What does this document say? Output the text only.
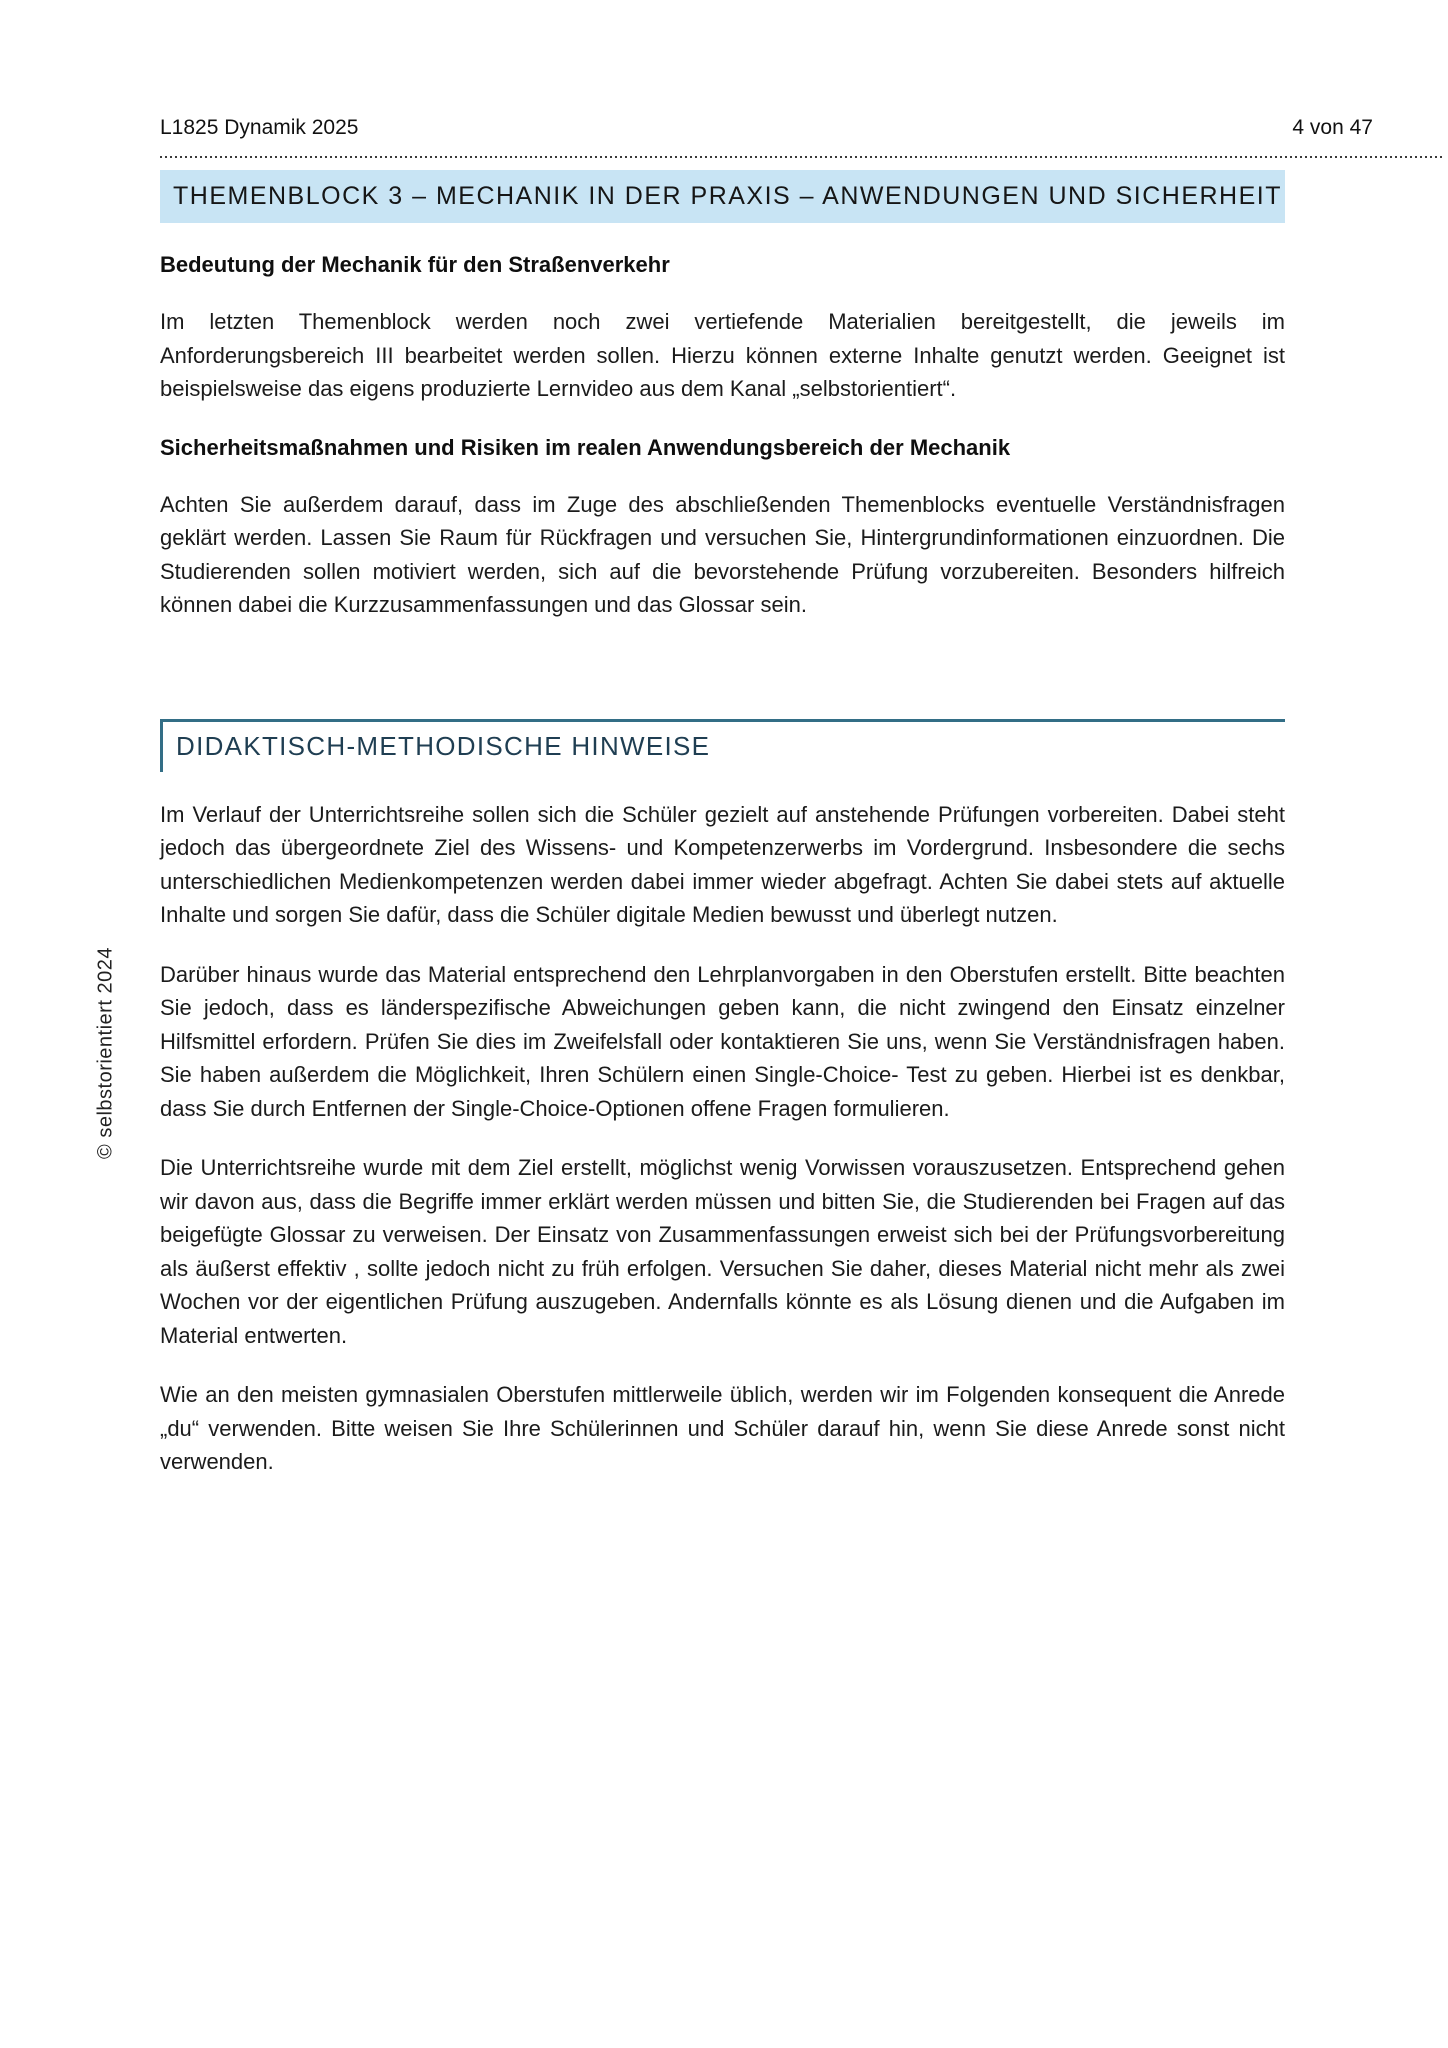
L1825 Dynamik 2025	4 von 47
© selbstorientiert 2024
THEMENBLOCK 3 – MECHANIK IN DER PRAXIS – ANWENDUNGEN UND SICHERHEIT
Bedeutung der Mechanik für den Straßenverkehr

Im letzten Themenblock werden noch zwei vertiefende Materialien bereitgestellt, die jeweils im Anforderungsbereich III bearbeitet werden sollen. Hierzu können externe Inhalte genutzt werden. Geeignet ist beispielsweise das eigens produzierte Lernvideo aus dem Kanal „selbstorientiert“.

Sicherheitsmaßnahmen und Risiken im realen Anwendungsbereich der Mechanik

Achten Sie außerdem darauf, dass im Zuge des abschließenden Themenblocks eventuelle Verständnisfragen geklärt werden. Lassen Sie Raum für Rückfragen und versuchen Sie, Hintergrundinformationen einzuordnen. Die Studierenden sollen motiviert werden, sich auf die bevorstehende Prüfung vorzubereiten. Besonders hilfreich können dabei die Kurzzusammenfassungen und das Glossar sein.

DIDAKTISCH-METHODISCHE HINWEISE

Im Verlauf der Unterrichtsreihe sollen sich die Schüler gezielt auf anstehende Prüfungen vorbereiten. Dabei steht jedoch das übergeordnete Ziel des Wissens- und Kompetenzerwerbs im Vordergrund. Insbesondere die sechs unterschiedlichen Medienkompetenzen werden dabei immer wieder abgefragt. Achten Sie dabei stets auf aktuelle Inhalte und sorgen Sie dafür, dass die Schüler digitale Medien bewusst und überlegt nutzen.

Darüber hinaus wurde das Material entsprechend den Lehrplanvorgaben in den Oberstufen erstellt. Bitte beachten Sie jedoch, dass es länderspezifische Abweichungen geben kann, die nicht zwingend den Einsatz einzelner Hilfsmittel erfordern. Prüfen Sie dies im Zweifelsfall oder kontaktieren Sie uns, wenn Sie Verständnisfragen haben. Sie haben außerdem die Möglichkeit, Ihren Schülern einen Single-Choice- Test zu geben. Hierbei ist es denkbar, dass Sie durch Entfernen der Single-Choice-Optionen offene Fragen formulieren.

Die Unterrichtsreihe wurde mit dem Ziel erstellt, möglichst wenig Vorwissen vorauszusetzen. Entsprechend gehen wir davon aus, dass die Begriffe immer erklärt werden müssen und bitten Sie, die Studierenden bei Fragen auf das beigefügte Glossar zu verweisen. Der Einsatz von Zusammenfassungen erweist sich bei der Prüfungsvorbereitung als äußerst effektiv , sollte jedoch nicht zu früh erfolgen. Versuchen Sie daher, dieses Material nicht mehr als zwei Wochen vor der eigentlichen Prüfung auszugeben. Andernfalls könnte es als Lösung dienen und die Aufgaben im Material entwerten.

Wie an den meisten gymnasialen Oberstufen mittlerweile üblich, werden wir im Folgenden konsequent die Anrede „du“ verwenden. Bitte weisen Sie Ihre Schülerinnen und Schüler darauf hin, wenn Sie diese Anrede sonst nicht verwenden.
